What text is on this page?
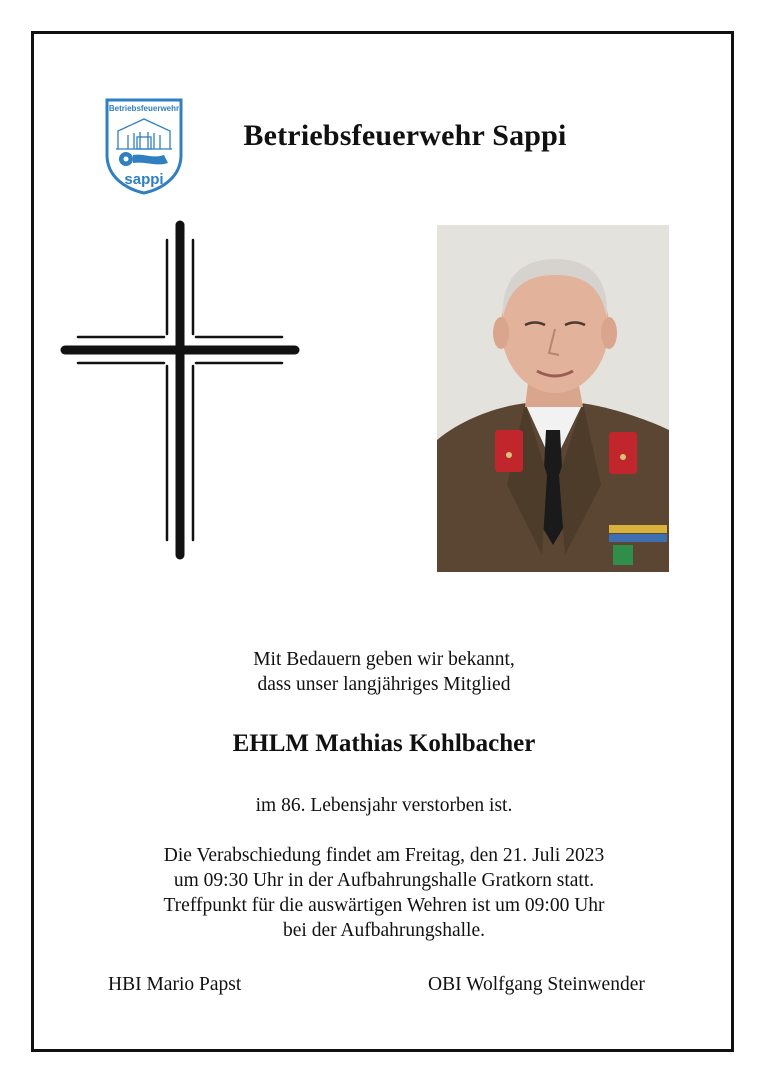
Betriebsfeuerwehr
sappi
Betriebsfeuerwehr Sappi
Mit Bedauern geben wir bekannt,
dass unser langjähriges Mitglied
EHLM Mathias Kohlbacher
im 86. Lebensjahr verstorben ist.
Die Verabschiedung findet am Freitag, den 21. Juli 2023
um 09:30 Uhr in der Aufbahrungshalle Gratkorn statt.
Treffpunkt für die auswärtigen Wehren ist um 09:00 Uhr
bei der Aufbahrungshalle.
HBI Mario Papst	OBI Wolfgang Steinwender
